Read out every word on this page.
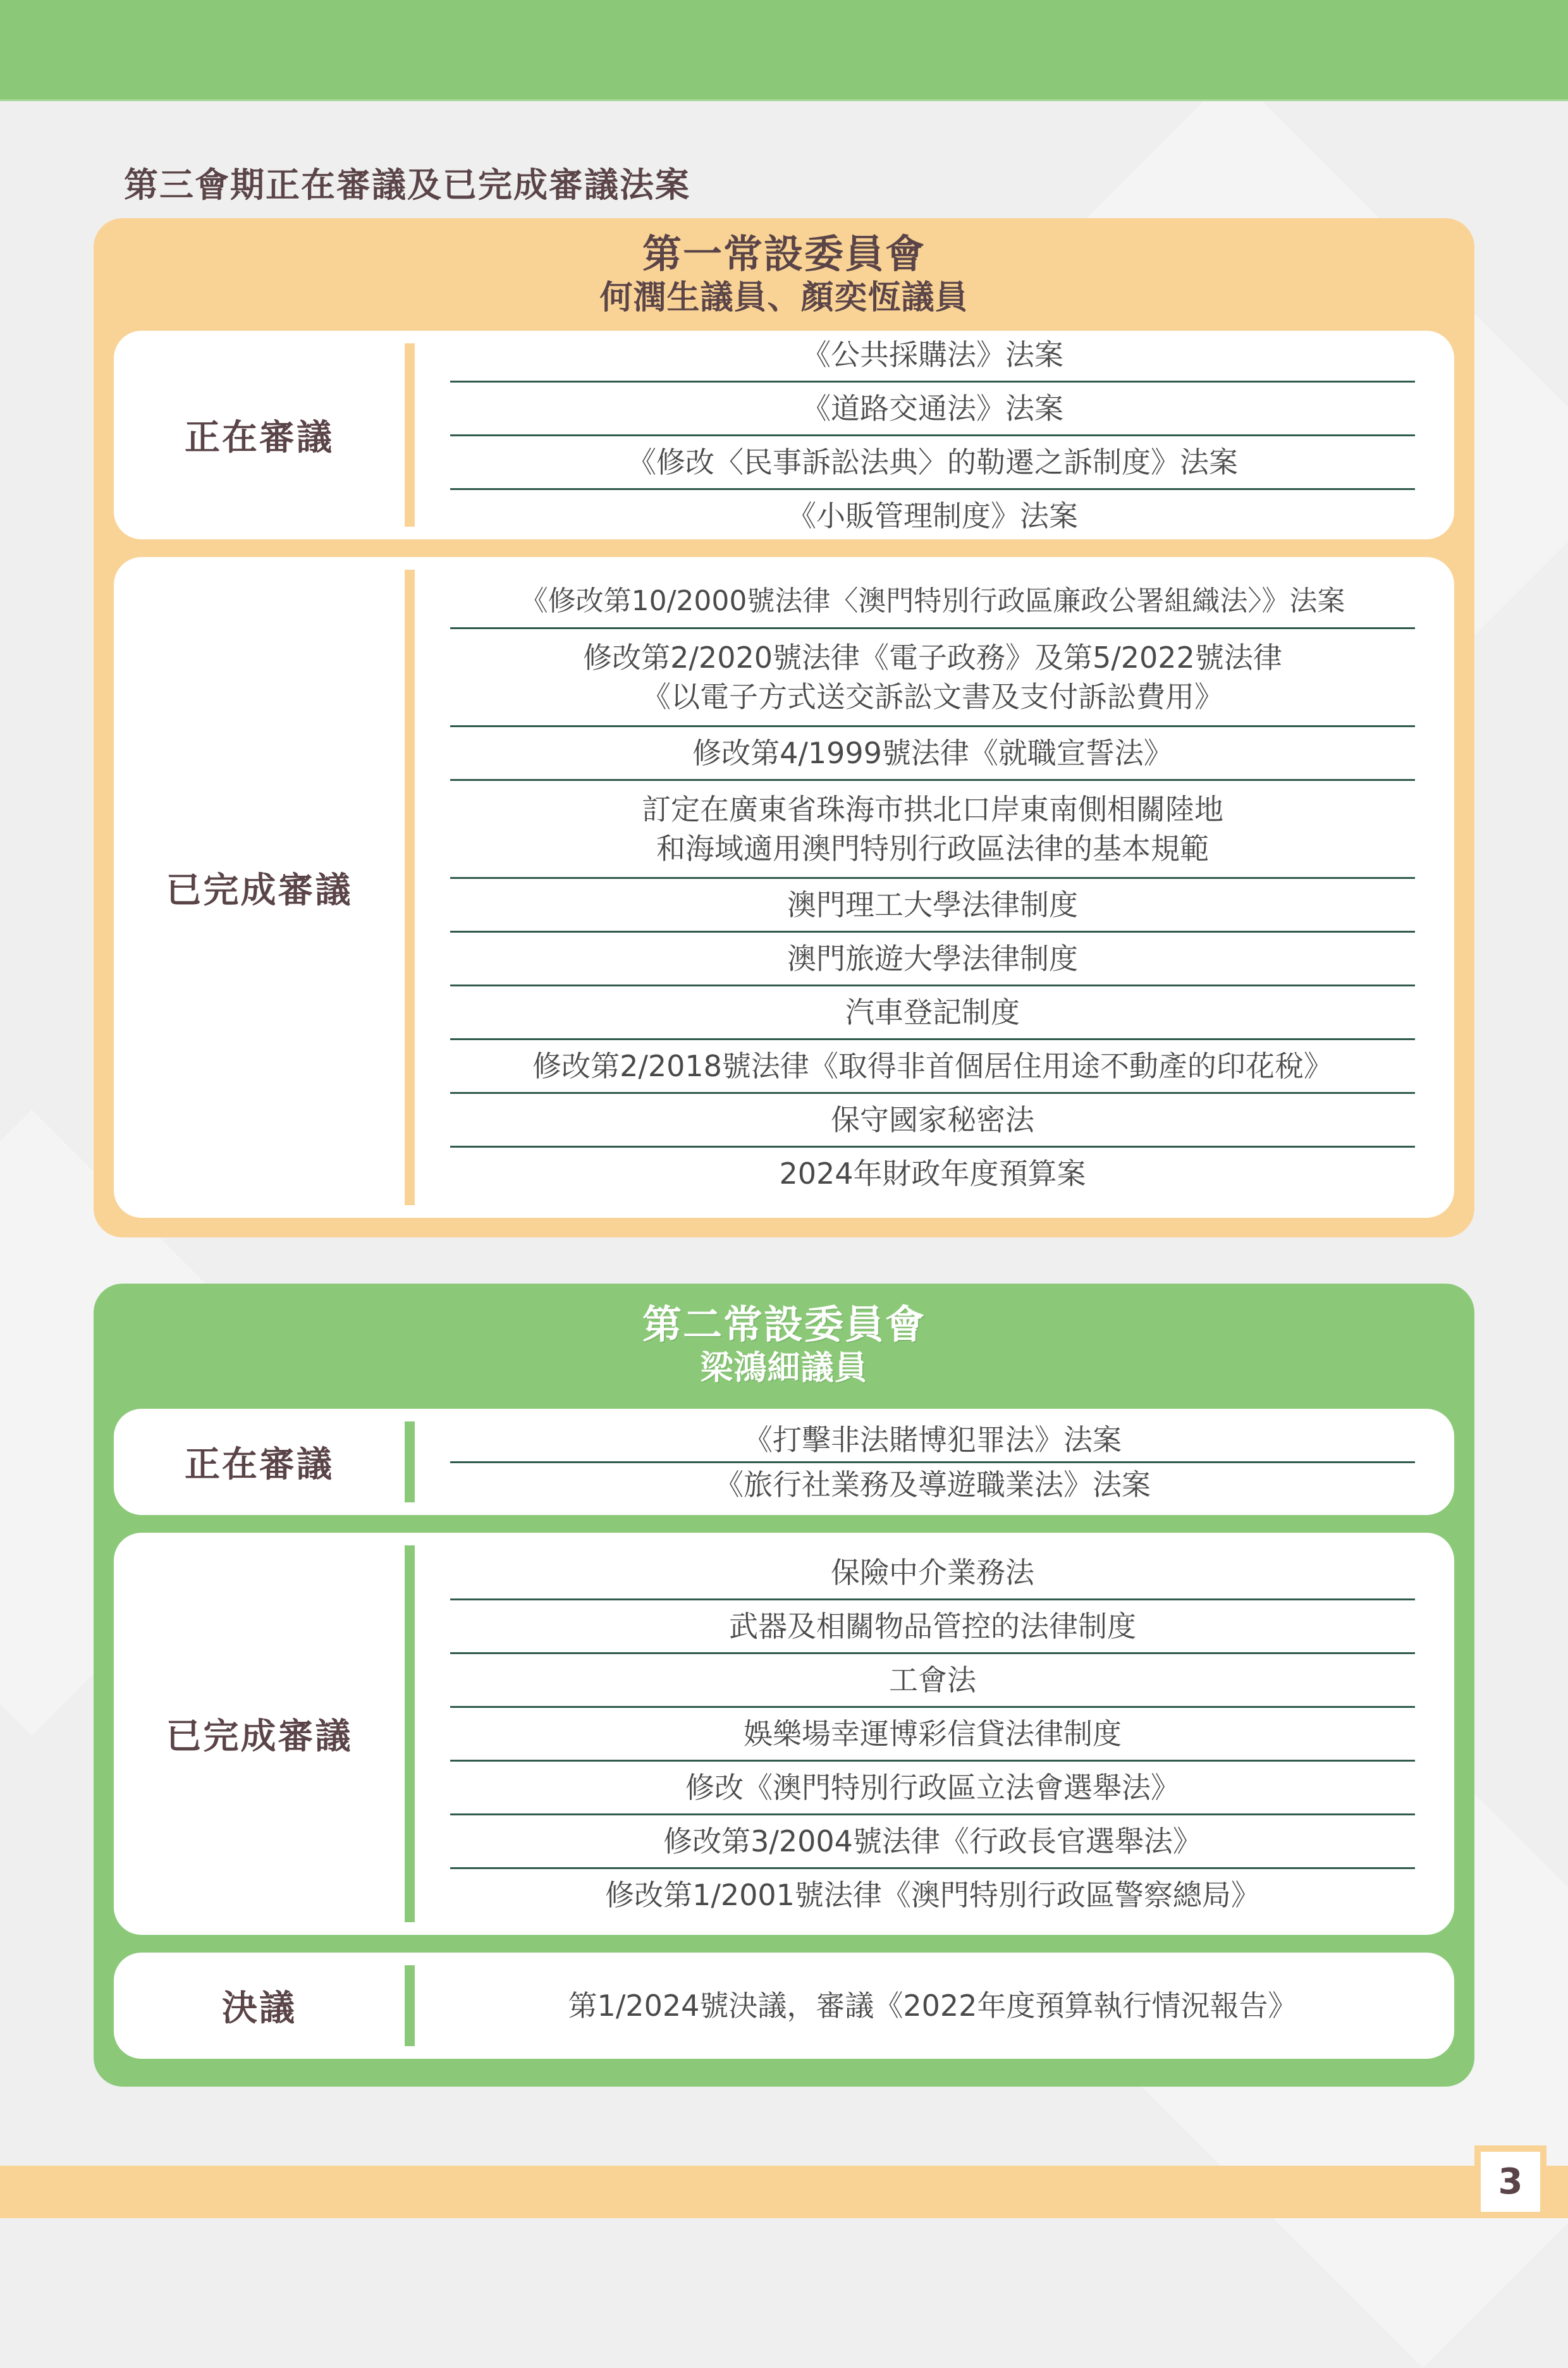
第三會期正在審議及已完成審議法案
第一常設委員會
何潤生議員、顏奕恆議員
正在審議
《公共採購法》法案
《道路交通法》法案
《修改〈民事訴訟法典〉的勒遷之訴制度》法案
《小販管理制度》法案
已完成審議
《修改第10/2000號法律〈澳門特別行政區廉政公署組織法〉》法案
修改第2/2020號法律《電子政務》及第5/2022號法律
《以電子方式送交訴訟文書及支付訴訟費用》
修改第4/1999號法律《就職宣誓法》
訂定在廣東省珠海市拱北口岸東南側相關陸地
和海域適用澳門特別行政區法律的基本規範
澳門理工大學法律制度
澳門旅遊大學法律制度
汽車登記制度
修改第2/2018號法律《取得非首個居住用途不動產的印花稅》
保守國家秘密法
2024年財政年度預算案
第二常設委員會
梁鴻細議員
正在審議
《打擊非法賭博犯罪法》法案
《旅行社業務及導遊職業法》法案
已完成審議
保險中介業務法
武器及相關物品管控的法律制度
工會法
娛樂場幸運博彩信貸法律制度
修改《澳門特別行政區立法會選舉法》
修改第3/2004號法律《行政長官選舉法》
修改第1/2001號法律《澳門特別行政區警察總局》
決議	第1/2024號決議，審議《2022年度預算執行情況報告》
3
